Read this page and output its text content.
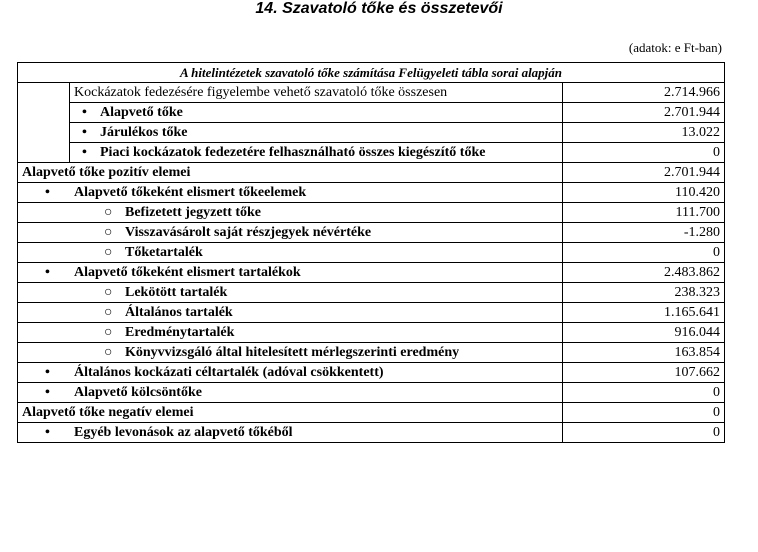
14. Szavatoló tőke és összetevői
(adatok: e Ft-ban)
A hitelintézetek szavatoló tőke számítása Felügyeleti tábla sorai alapján		
	Kockázatok fedezésére figyelembe vehető szavatoló tőke összesen	2.714.966

	• Alapvető tőke	2.701.944

	• Járulékos tőke	13.022

	• Piaci kockázatok fedezetére felhasználható összes kiegészítő tőke	0
Alapvető tőke pozitív elemei		2.701.944

• Alapvető tőkeként elismert tőkeelemek		110.420

○ Befizetett jegyzett tőke		111.700

○ Visszavásárolt saját részjegyek névértéke		-1.280

○ Tőketartalék		0

• Alapvető tőkeként elismert tartalékok		2.483.862

○ Lekötött tartalék		238.323

○ Általános tartalék		1.165.641

○ Eredménytartalék		916.044

○ Könyvvizsgáló által hitelesített mérlegszerinti eredmény		163.854

• Általános kockázati céltartalék (adóval csökkentett)		107.662

• Alapvető kölcsöntőke		0
Alapvető tőke negatív elemei		0

• Egyéb levonások az alapvető tőkéből		0
